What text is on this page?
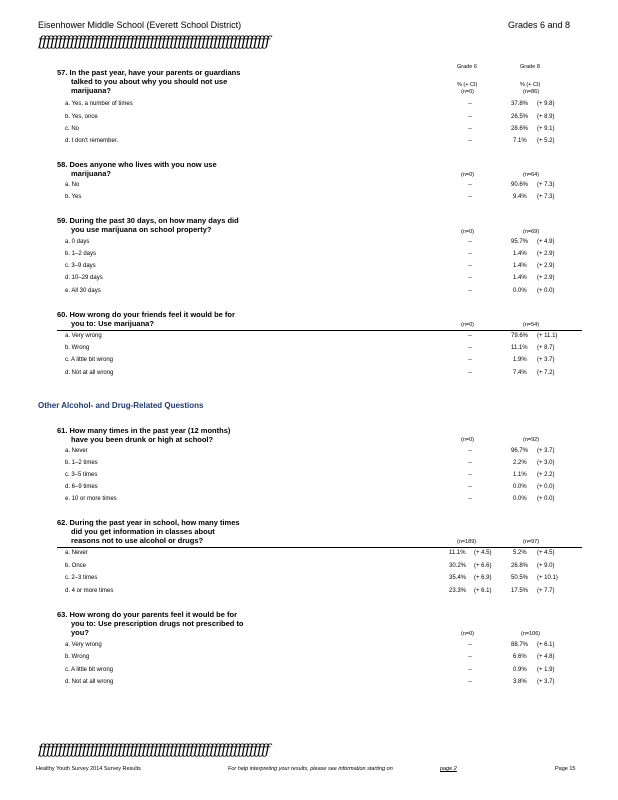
Eisenhower Middle School (Everett School District)	Grades 6 and 8
ƒƒƒƒƒƒƒƒƒƒƒƒƒƒƒƒƒƒƒƒƒƒƒƒƒƒƒƒƒƒƒƒƒƒƒƒƒƒƒƒƒƒƒƒƒƒƒƒƒƒƒƒƒƒƒƒƒƒ
Grade 6	Grade 8
% (+ CI)	% (+ CI)
57. In the past year, have your parents or guardians
talked to you about why you should not use
marijuana?	(n=0)	(n=86)
a. Yes, a number of times	--	37.8% (+ 9.8)
b. Yes, once	--	26.5% (+ 8.9)
c. No	--	28.6% (+ 9.1)
d. I don't remember.	--	7.1% (+ 5.2)
58. Does anyone who lives with you now use
marijuana?	(n=0)	(n=64)
a. No	--	90.6% (+ 7.3)
b. Yes	--	9.4% (+ 7.3)
59. During the past 30 days, on how many days did
you use marijuana on school property?	(n=0)	(n=69)
a. 0 days	--	95.7% (+ 4.9)
b. 1–2 days	--	1.4% (+ 2.9)
c. 3–9 days	--	1.4% (+ 2.9)
d. 10–29 days	--	1.4% (+ 2.9)
e. All 30 days	--	0.0% (+ 0.0)
60. How wrong do your friends feel it would be for
you to: Use marijuana?	(n=0)	(n=54)
a. Very wrong	--	79.6% (+ 11.1)
b. Wrong	--	11.1% (+ 8.7)
c. A little bit wrong	--	1.9% (+ 3.7)
d. Not at all wrong	--	7.4% (+ 7.2)
Other Alcohol- and Drug-Related Questions
61. How many times in the past year (12 months)
have you been drunk or high at school?	(n=0)	(n=92)
a. Never	--	96.7% (+ 3.7)
b. 1–2 times	--	2.2% (+ 3.0)
c. 3–5 times	--	1.1% (+ 2.2)
d. 6–9 times	--	0.0% (+ 0.0)
e. 10 or more times	--	0.0% (+ 0.0)
62. During the past year in school, how many times
did you get information in classes about
reasons not to use alcohol or drugs?	(n=189)	(n=97)
a. Never	11.1% (+ 4.5)	5.2% (+ 4.5)
b. Once	30.2% (+ 6.6)	26.8% (+ 9.0)
c. 2–3 times	35.4% (+ 6.9)	50.5% (+ 10.1)
d. 4 or more times	23.3% (+ 6.1)	17.5% (+ 7.7)
63. How wrong do your parents feel it would be for
you to: Use prescription drugs not prescribed to
you?	(n=0)	(n=106)
a. Very wrong	--	88.7% (+ 6.1)
b. Wrong	--	6.6% (+ 4.8)
c. A little bit wrong	--	0.9% (+ 1.9)
d. Not at all wrong	--	3.8% (+ 3.7)
ƒƒƒƒƒƒƒƒƒƒƒƒƒƒƒƒƒƒƒƒƒƒƒƒƒƒƒƒƒƒƒƒƒƒƒƒƒƒƒƒƒƒƒƒƒƒƒƒƒƒƒƒƒƒƒƒƒƒ
Healthy Youth Survey 2014 Survey Results	For help interpreting your results, please see information starting on	page 2	Page 15
